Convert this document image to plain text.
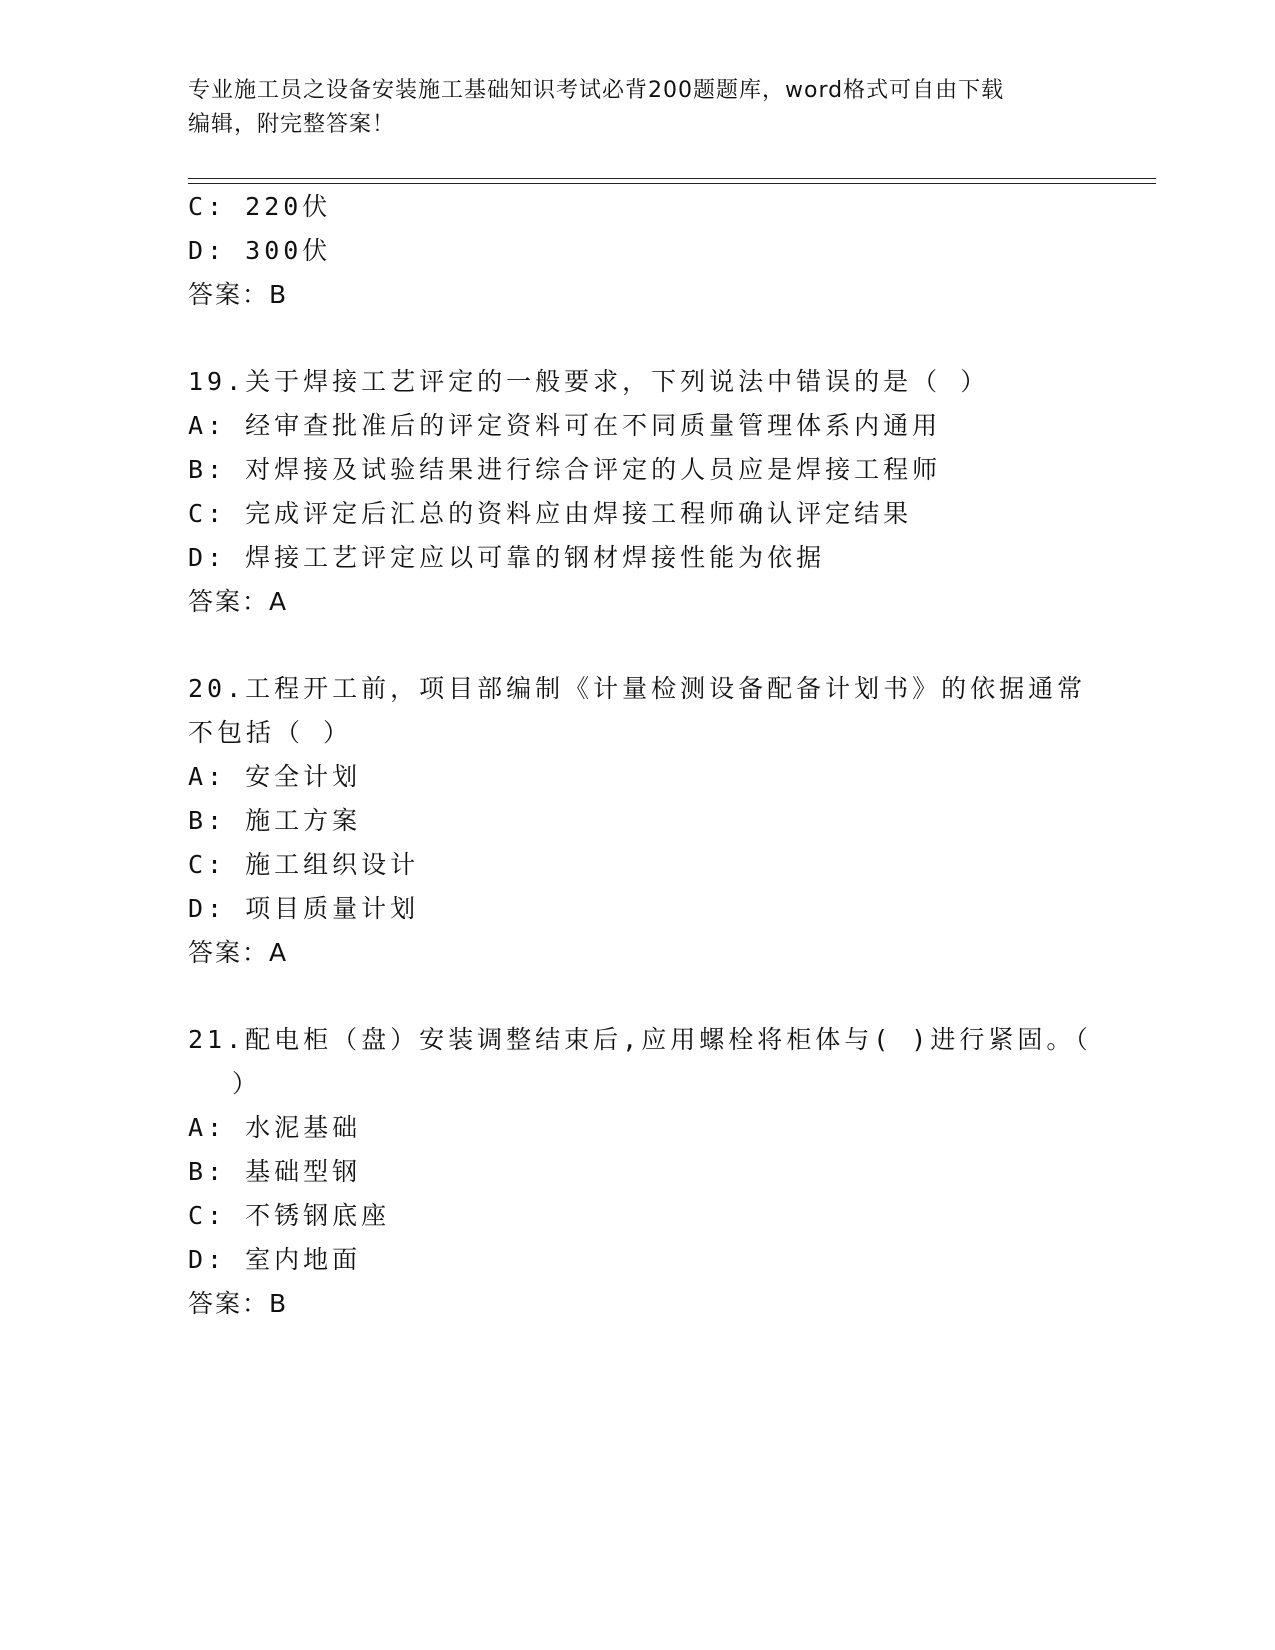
专业施工员之设备安装施工基础知识考试必背200题题库，word格式可自由下载
编辑，附完整答案！
C: 220伏
D: 300伏
答案：B
19.关于焊接工艺评定的一般要求，下列说法中错误的是（ ）
A: 经审查批准后的评定资料可在不同质量管理体系内通用
B: 对焊接及试验结果进行综合评定的人员应是焊接工程师
C: 完成评定后汇总的资料应由焊接工程师确认评定结果
D: 焊接工艺评定应以可靠的钢材焊接性能为依据
答案：A
20.工程开工前，项目部编制《计量检测设备配备计划书》的依据通常
不包括（ ）
A: 安全计划
B: 施工方案
C: 施工组织设计
D: 项目质量计划
答案：A
21.配电柜（盘）安装调整结束后,应用螺栓将柜体与( )进行紧固。（
）
A: 水泥基础
B: 基础型钢
C: 不锈钢底座
D: 室内地面
答案：B
